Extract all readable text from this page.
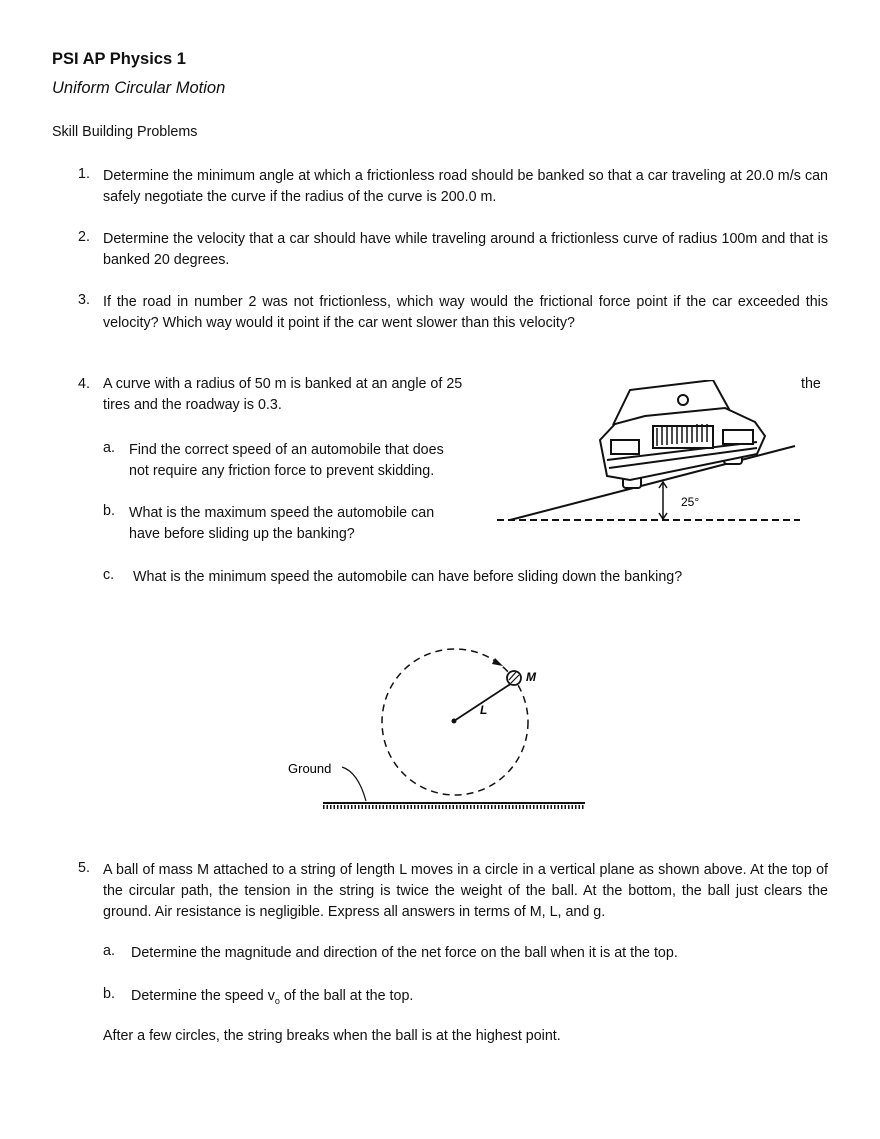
PSI AP Physics 1
Uniform Circular Motion
Skill Building Problems
1. Determine the minimum angle at which a frictionless road should be banked so that a car traveling at 20.0 m/s can safely negotiate the curve if the radius of the curve is 200.0 m.
2. Determine the velocity that a car should have while traveling around a frictionless curve of radius 100m and that is banked 20 degrees.
3. If the road in number 2 was not frictionless, which way would the frictional force point if the car exceeded this velocity? Which way would it point if the car went slower than this velocity?
4. A curve with a radius of 50 m is banked at an angle of 25	the
tires and the roadway is 0.3.
a. Find the correct speed of an automobile that does
not require any friction force to prevent skidding.
b. What is the maximum speed the automobile can
have before sliding up the banking?
c. What is the minimum speed the automobile can have before sliding down the banking?
25°
M
L
Ground
5. A ball of mass M attached to a string of length L moves in a circle in a vertical plane as shown above. At the top of the circular path, the tension in the string is twice the weight of the ball. At the bottom, the ball just clears the ground. Air resistance is negligible. Express all answers in terms of M, L, and g.
a. Determine the magnitude and direction of the net force on the ball when it is at the top.
b. Determine the speed $v_o$ of the ball at the top.
After a few circles, the string breaks when the ball is at the highest point.
